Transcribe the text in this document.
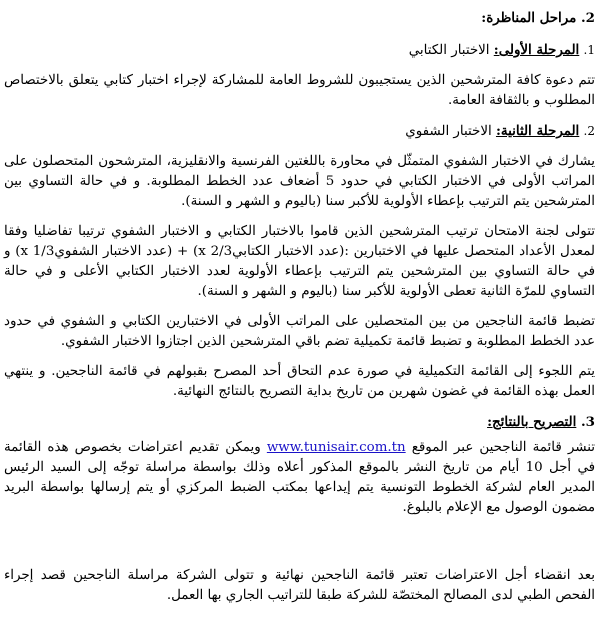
2. مراحل المناظرة:
1. المرحلة الأولى: الاختبار الكتابي
تتم دعوة كافة المترشحين الذين يستجيبون للشروط العامة للمشاركة لإجراء اختبار كتابي يتعلق بالاختصاص المطلوب و بالثقافة العامة.
2. المرحلة الثانية: الاختبار الشفوي
يشارك في الاختبار الشفوي المتمثّل في محاورة باللغتين الفرنسية والانقليزية، المترشحون المتحصلون على المراتب الأولى في الاختبار الكتابي في حدود 5 أضعاف عدد الخطط المطلوبة. و في حالة التساوي بين المترشحين يتم الترتيب بإعطاء الأولوية للأكبر سنا (باليوم و الشهر و السنة).
تتولى لجنة الامتحان ترتيب المترشحين الذين قاموا بالاختبار الكتابي و الاختبار الشفوي ترتيبا تفاضليا وفقا لمعدل الأعداد المتحصل عليها في الاختبارين :(عدد الاختبار الكتابيx 2/3) + (عدد الاختبار الشفويx 1/3) و في حالة التساوي بين المترشحين يتم الترتيب بإعطاء الأولوية لعدد الاختبار الكتابي الأعلى و في حالة التساوي للمرّة الثانية تعطى الأولوية للأكبر سنا (باليوم و الشهر و السنة).
تضبط قائمة الناجحين من بين المتحصلين على المراتب الأولى في الاختبارين الكتابي و الشفوي في حدود عدد الخطط المطلوبة و تضبط قائمة تكميلية تضم باقي المترشحين الذين اجتازوا الاختبار الشفوي.
يتم اللجوء إلى القائمة التكميلية في صورة عدم التحاق أحد المصرح بقبولهم في قائمة الناجحين. و ينتهي العمل بهذه القائمة في غضون شهرين من تاريخ بداية التصريح بالنتائج النهائية.
3. التصريح بالنتائج:
تنشر قائمة الناجحين عبر الموقع www.tunisair.com.tn ويمكن تقديم اعتراضات بخصوص هذه القائمة في أجل 10 أيام من تاريخ النشر بالموقع المذكور أعلاه وذلك بواسطة مراسلة توجّه إلى السيد الرئيس المدير العام لشركة الخطوط التونسية يتم إيداعها بمكتب الضبط المركزي أو يتم إرسالها بواسطة البريد مضمون الوصول مع الإعلام بالبلوغ.
بعد انقضاء أجل الاعتراضات تعتبر قائمة الناجحين نهائية و تتولى الشركة مراسلة الناجحين قصد إجراء الفحص الطبي لدى المصالح المختصّة للشركة طبقا للتراتيب الجاري بها العمل.
